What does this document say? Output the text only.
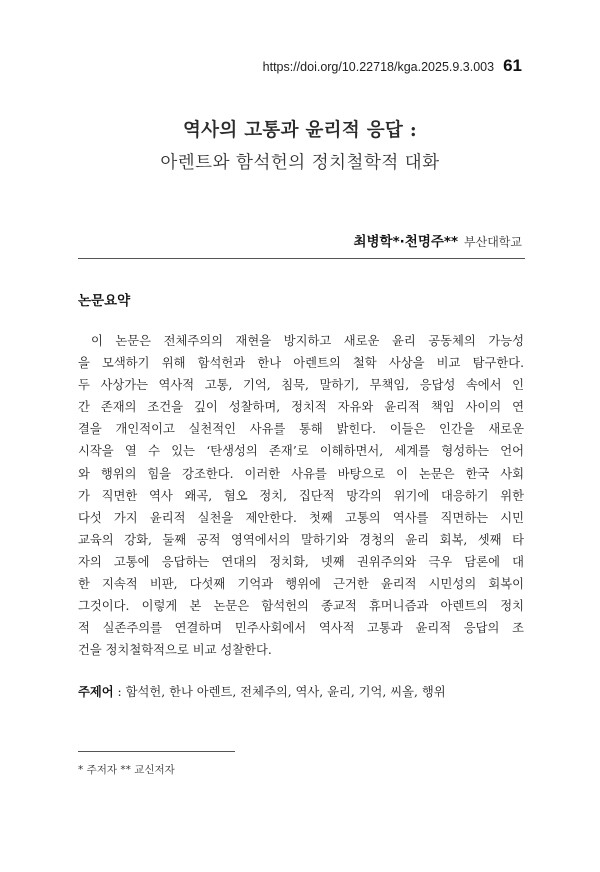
https://doi.org/10.22718/kga.2025.9.3.003 61
역사의 고통과 윤리적 응답 :
아렌트와 함석헌의 정치철학적 대화
최병학*·천명주** 부산대학교
논문요약
이 논문은 전체주의의 재현을 방지하고 새로운 윤리 공동체의 가능성
을 모색하기 위해 함석헌과 한나 아렌트의 철학 사상을 비교 탐구한다.
두 사상가는 역사적 고통, 기억, 침묵, 말하기, 무책임, 응답성 속에서 인
간 존재의 조건을 깊이 성찰하며, 정치적 자유와 윤리적 책임 사이의 연
결을 개인적이고 실천적인 사유를 통해 밝힌다. 이들은 인간을 새로운
시작을 열 수 있는 ‘탄생성의 존재’로 이해하면서, 세계를 형성하는 언어
와 행위의 힘을 강조한다. 이러한 사유를 바탕으로 이 논문은 한국 사회
가 직면한 역사 왜곡, 혐오 정치, 집단적 망각의 위기에 대응하기 위한
다섯 가지 윤리적 실천을 제안한다. 첫째 고통의 역사를 직면하는 시민
교육의 강화, 둘째 공적 영역에서의 말하기와 경청의 윤리 회복, 셋째 타
자의 고통에 응답하는 연대의 정치화, 넷째 권위주의와 극우 담론에 대
한 지속적 비판, 다섯째 기억과 행위에 근거한 윤리적 시민성의 회복이
그것이다. 이렇게 본 논문은 함석헌의 종교적 휴머니즘과 아렌트의 정치
적 실존주의를 연결하며 민주사회에서 역사적 고통과 윤리적 응답의 조
건을 정치철학적으로 비교 성찰한다.
주제어 : 함석헌, 한나 아렌트, 전체주의, 역사, 윤리, 기억, 씨올, 행위
* 주저자 ** 교신저자
